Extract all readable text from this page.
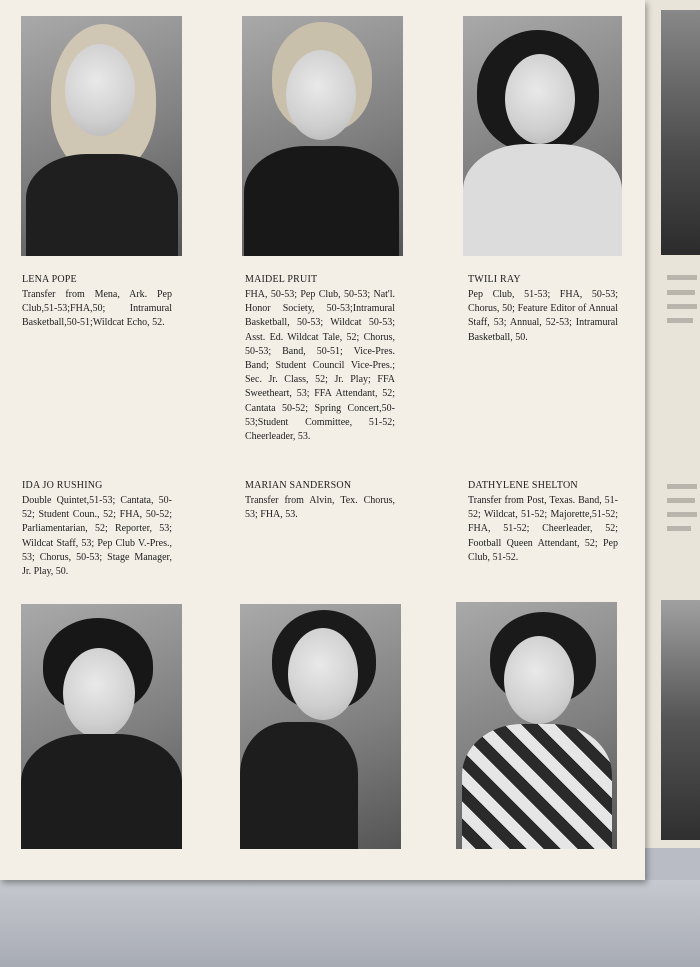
LENA POPE
Transfer from Mena, Ark. Pep Club,51-53;FHA,50; Intramural Basketball,50-51;Wildcat Echo, 52.
MAIDEL PRUIT
FHA, 50-53; Pep Club, 50-53; Nat'l. Honor Society, 50-53;Intramural Basketball, 50-53; Wildcat 50-53; Asst. Ed. Wildcat Tale, 52; Chorus, 50-53; Band, 50-51; Vice-Pres. Band; Student Council Vice-Pres.; Sec. Jr. Class, 52; Jr. Play; FFA Sweetheart, 53; FFA Attendant, 52; Cantata 50-52; Spring Concert,50-53;Student Committee, 51-52; Cheerleader, 53.
TWILI RAY
Pep Club, 51-53; FHA, 50-53; Chorus, 50; Feature Editor of Annual Staff, 53; Annual, 52-53; Intramural Basketball, 50.
IDA JO RUSHING
Double Quintet,51-53; Cantata, 50-52; Student Coun., 52; FHA, 50-52; Parliamentarian, 52; Reporter, 53; Wildcat Staff, 53; Pep Club V.-Pres., 53; Chorus, 50-53; Stage Manager, Jr. Play, 50.
MARIAN SANDERSON
Transfer from Alvin, Tex. Chorus, 53; FHA, 53.
DATHYLENE SHELTON
Transfer from Post, Texas. Band, 51-52; Wildcat, 51-52; Majorette,51-52; FHA, 51-52; Cheerleader, 52; Football Queen Attendant, 52; Pep Club, 51-52.
